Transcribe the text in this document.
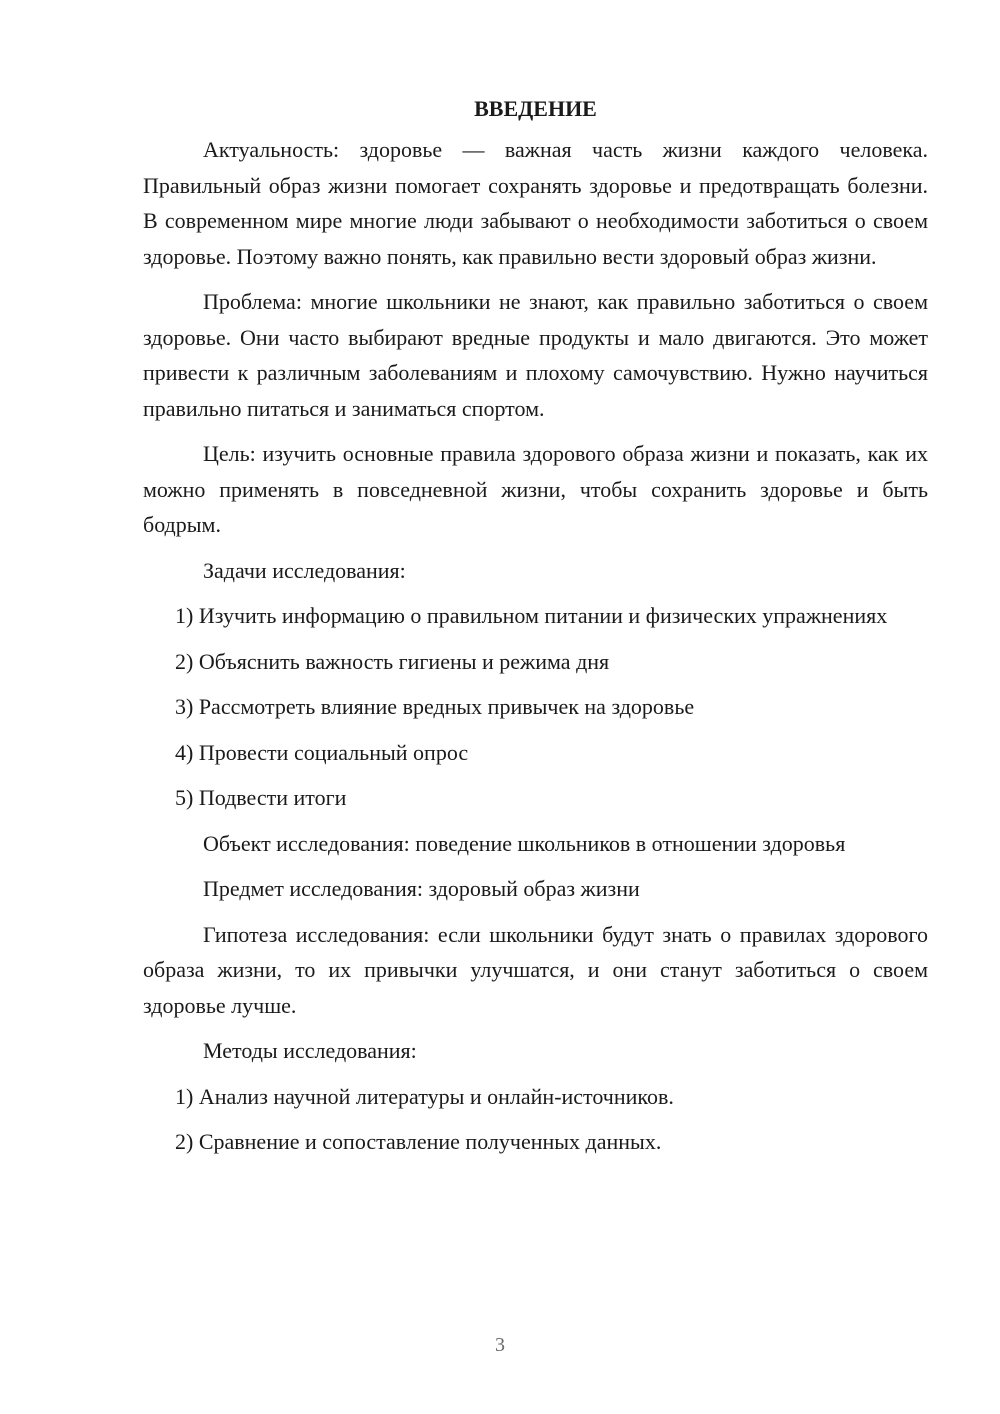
ВВЕДЕНИЕ
Актуальность: здоровье — важная часть жизни каждого человека. Правильный образ жизни помогает сохранять здоровье и предотвращать болезни. В современном мире многие люди забывают о необходимости заботиться о своем здоровье. Поэтому важно понять, как правильно вести здоровый образ жизни.
Проблема: многие школьники не знают, как правильно заботиться о своем здоровье. Они часто выбирают вредные продукты и мало двигаются. Это может привести к различным заболеваниям и плохому самочувствию. Нужно научиться правильно питаться и заниматься спортом.
Цель: изучить основные правила здорового образа жизни и показать, как их можно применять в повседневной жизни, чтобы сохранить здоровье и быть бодрым.
Задачи исследования:
1) Изучить информацию о правильном питании и физических упражнениях
2) Объяснить важность гигиены и режима дня
3) Рассмотреть влияние вредных привычек на здоровье
4) Провести социальный опрос
5) Подвести итоги
Объект исследования: поведение школьников в отношении здоровья
Предмет исследования: здоровый образ жизни
Гипотеза исследования: если школьники будут знать о правилах здорового образа жизни, то их привычки улучшатся, и они станут заботиться о своем здоровье лучше.
Методы исследования:
1) Анализ научной литературы и онлайн-источников.
2) Сравнение и сопоставление полученных данных.
3
